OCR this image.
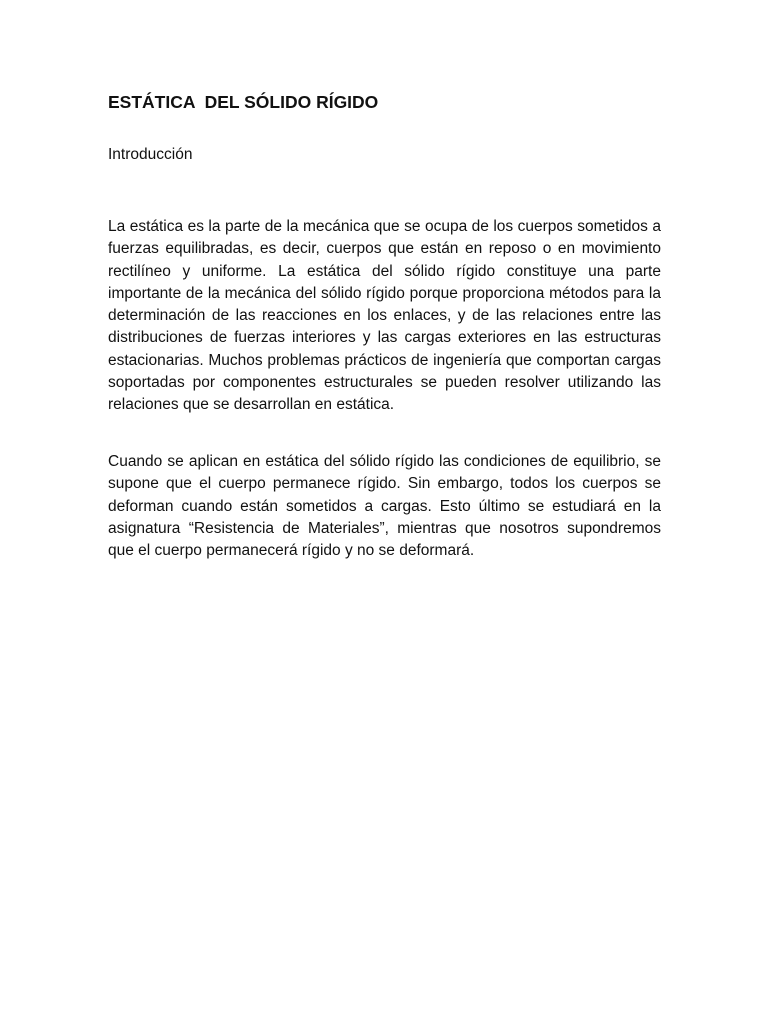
ESTÁTICA  DEL SÓLIDO RÍGIDO
Introducción

La estática es la parte de la mecánica que se ocupa de los cuerpos sometidos a fuerzas equilibradas, es decir, cuerpos que están en reposo o en movimiento rectilíneo y uniforme. La estática del sólido rígido constituye una parte importante de la mecánica del sólido rígido porque proporciona métodos para la determinación de las reacciones en los enlaces, y de las relaciones entre las distribuciones de fuerzas interiores y las cargas exteriores en las estructuras estacionarias. Muchos problemas prácticos de ingeniería que comportan cargas soportadas por componentes estructurales se pueden resolver utilizando las relaciones que se desarrollan en estática.

Cuando se aplican en estática del sólido rígido las condiciones de equilibrio, se supone que el cuerpo permanece rígido. Sin embargo, todos los cuerpos se deforman cuando están sometidos a cargas. Esto último se estudiará en la asignatura “Resistencia de Materiales”, mientras que nosotros supondremos que el cuerpo permanecerá rígido y no se deformará.
